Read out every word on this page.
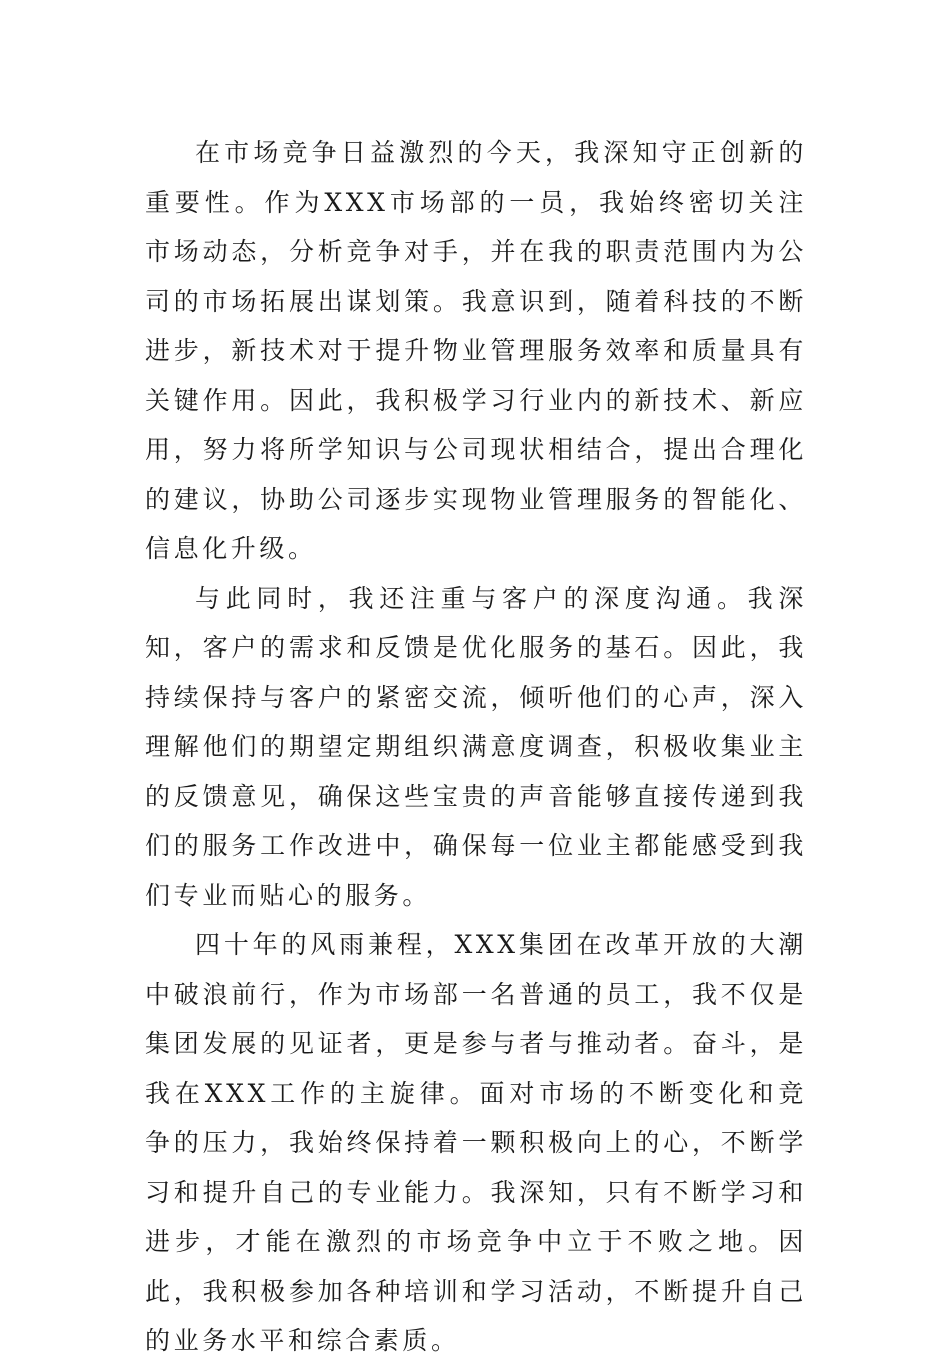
在市场竞争日益激烈的今天，我深知守正创新的重要性。作为XXX市场部的一员，我始终密切关注市场动态，分析竞争对手，并在我的职责范围内为公司的市场拓展出谋划策。我意识到，随着科技的不断进步，新技术对于提升物业管理服务效率和质量具有关键作用。因此，我积极学习行业内的新技术、新应用，努力将所学知识与公司现状相结合，提出合理化的建议，协助公司逐步实现物业管理服务的智能化、信息化升级。

与此同时，我还注重与客户的深度沟通。我深知，客户的需求和反馈是优化服务的基石。因此，我持续保持与客户的紧密交流，倾听他们的心声，深入理解他们的期望定期组织满意度调查，积极收集业主的反馈意见，确保这些宝贵的声音能够直接传递到我们的服务工作改进中，确保每一位业主都能感受到我们专业而贴心的服务。

四十年的风雨兼程，XXX集团在改革开放的大潮中破浪前行，作为市场部一名普通的员工，我不仅是集团发展的见证者，更是参与者与推动者。奋斗，是我在XXX工作的主旋律。面对市场的不断变化和竞争的压力，我始终保持着一颗积极向上的心，不断学习和提升自己的专业能力。我深知，只有不断学习和进步，才能在激烈的市场竞争中立于不败之地。因此，我积极参加各种培训和学习活动，不断提升自己的业务水平和综合素质。
